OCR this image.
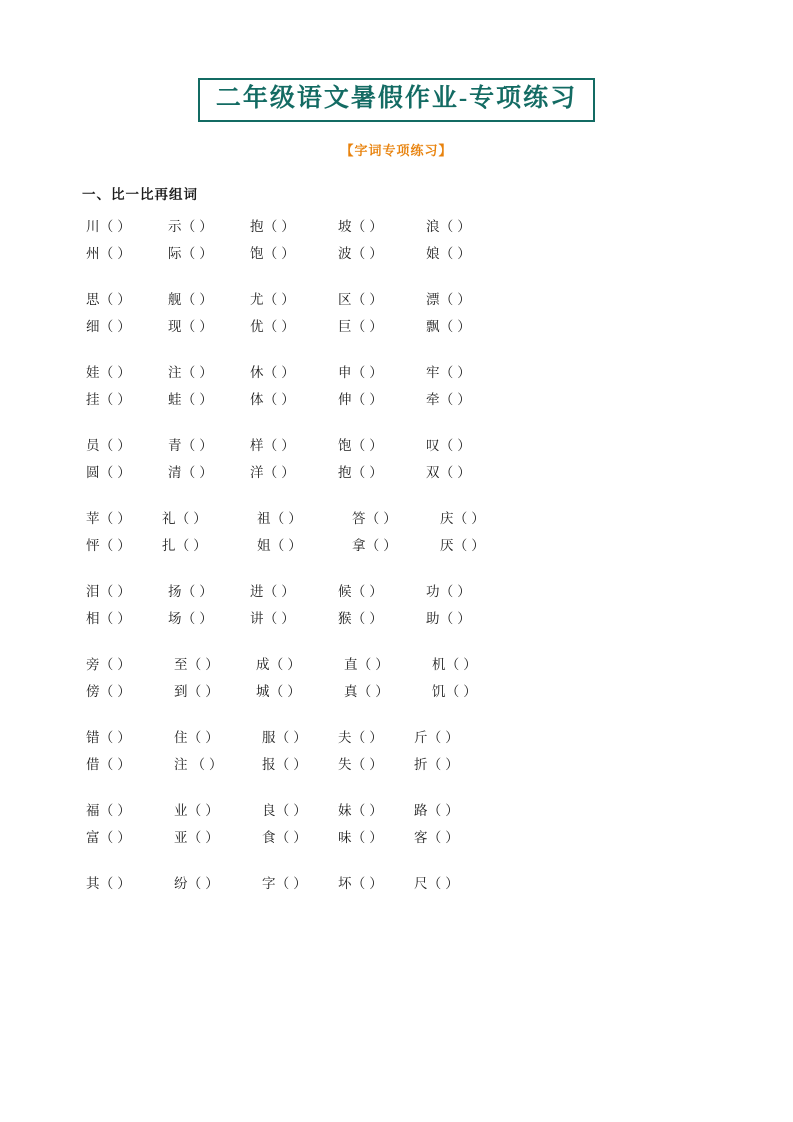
二年级语文暑假作业-专项练习
【字词专项练习】
一、比一比再组词
川（ ）	示（ ）	抱（ ）	坡（ ）	浪（ ）
州（ ）	际（ ）	饱（ ）	波（ ）	娘（ ）
思（ ）	舰（ ）	尤（ ）	区（ ）	漂（ ）
细（ ）	现（ ）	优（ ）	巨（ ）	飘（ ）
娃（ ）	注（ ）	休（ ）	申（ ）	牢（ ）
挂（ ）	蛙（ ）	体（ ）	伸（ ）	牵（ ）
员（ ）	青（ ）	样（ ）	饱（ ）	叹（ ）
圆（ ）	清（ ）	洋（ ）	抱（ ）	双（ ）
苹（ ）	礼（ ）	祖（ ）	答（ ）	庆（ ）
怦（ ）	扎（ ）	姐（ ）	拿（ ）	厌（ ）
泪（ ）	扬（ ）	进（ ）	候（ ）	功（ ）
相（ ）	场（ ）	讲（ ）	猴（ ）	助（ ）
旁（ ）	至（ ）	成（ ）	直（ ）	机（ ）
傍（ ）	到（ ）	城（ ）	真（ ）	饥（ ）
错（ ）	住（ ）	服（ ）	夫（ ）	斤（ ）
借（ ）	注 （ ）	报（ ）	失（ ）	折（ ）
福（ ）	业（ ）	良（ ）	妹（ ）	路（ ）
富（ ）	亚（ ）	食（ ）	味（ ）	客（ ）
其（ ）	纷（ ）	字（ ）	坏（ ）	尺（ ）
